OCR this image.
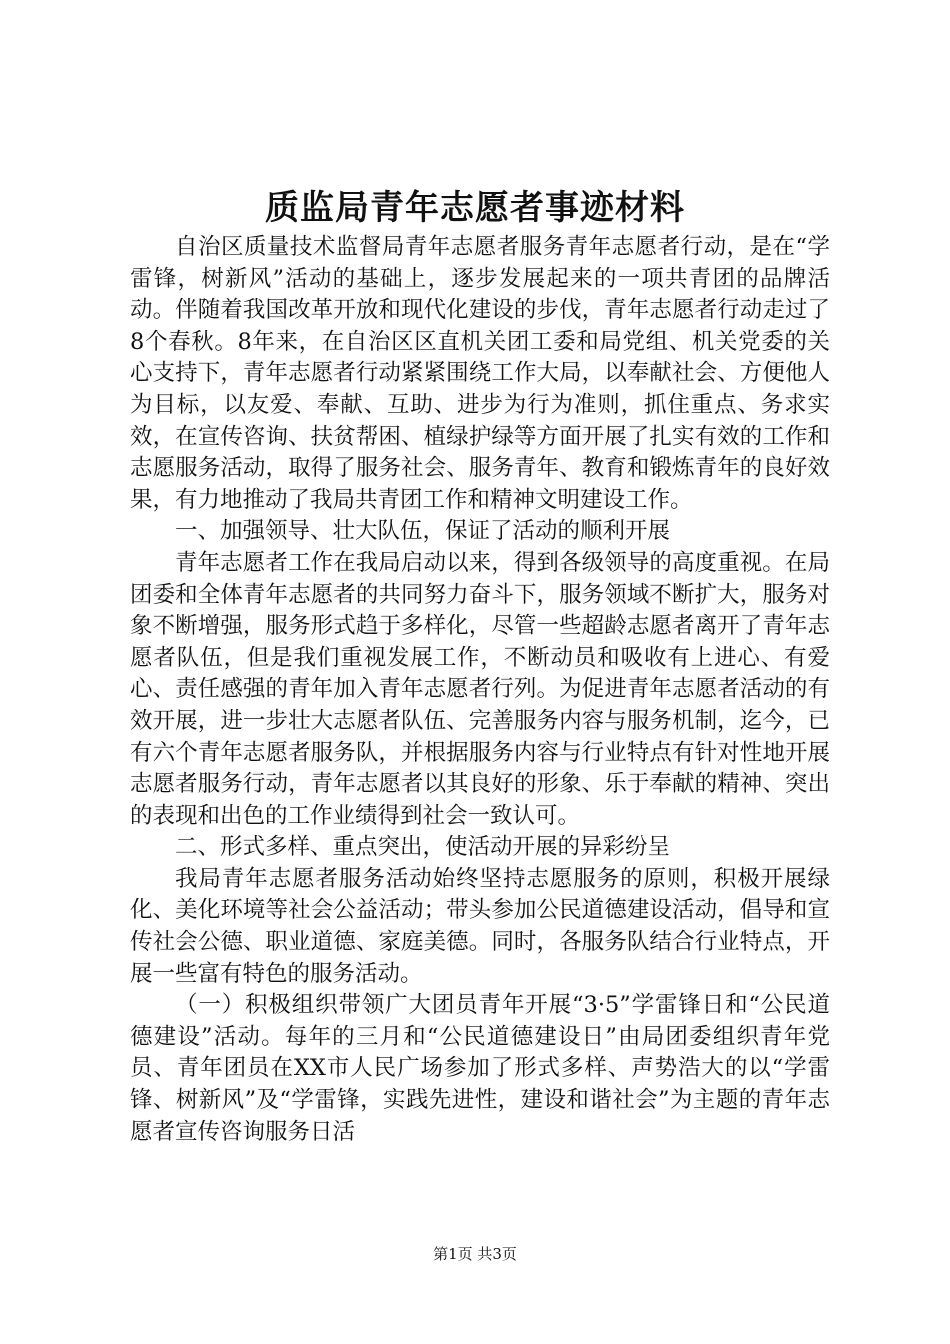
质监局青年志愿者事迹材料

自治区质量技术监督局青年志愿者服务青年志愿者行动，是在“学雷锋，树新风”活动的基础上，逐步发展起来的一项共青团的品牌活动。伴随着我国改革开放和现代化建设的步伐，青年志愿者行动走过了8个春秋。8年来，在自治区区直机关团工委和局党组、机关党委的关心支持下，青年志愿者行动紧紧围绕工作大局，以奉献社会、方便他人为目标，以友爱、奉献、互助、进步为行为准则，抓住重点、务求实效，在宣传咨询、扶贫帮困、植绿护绿等方面开展了扎实有效的工作和志愿服务活动，取得了服务社会、服务青年、教育和锻炼青年的良好效果，有力地推动了我局共青团工作和精神文明建设工作。

一、加强领导、壮大队伍，保证了活动的顺利开展

青年志愿者工作在我局启动以来，得到各级领导的高度重视。在局团委和全体青年志愿者的共同努力奋斗下，服务领域不断扩大，服务对象不断增强，服务形式趋于多样化，尽管一些超龄志愿者离开了青年志愿者队伍，但是我们重视发展工作，不断动员和吸收有上进心、有爱心、责任感强的青年加入青年志愿者行列。为促进青年志愿者活动的有效开展，进一步壮大志愿者队伍、完善服务内容与服务机制，迄今，已有六个青年志愿者服务队，并根据服务内容与行业特点有针对性地开展志愿者服务行动，青年志愿者以其良好的形象、乐于奉献的精神、突出的表现和出色的工作业绩得到社会一致认可。

二、形式多样、重点突出，使活动开展的异彩纷呈

我局青年志愿者服务活动始终坚持志愿服务的原则，积极开展绿化、美化环境等社会公益活动；带头参加公民道德建设活动，倡导和宣传社会公德、职业道德、家庭美德。同时，各服务队结合行业特点，开展一些富有特色的服务活动。

（一）积极组织带领广大团员青年开展“3·5”学雷锋日和“公民道德建设”活动。每年的三月和“公民道德建设日”由局团委组织青年党员、青年团员在XX市人民广场参加了形式多样、声势浩大的以“学雷锋、树新风”及“学雷锋，实践先进性，建设和谐社会”为主题的青年志愿者宣传咨询服务日活

第1页 共3页
